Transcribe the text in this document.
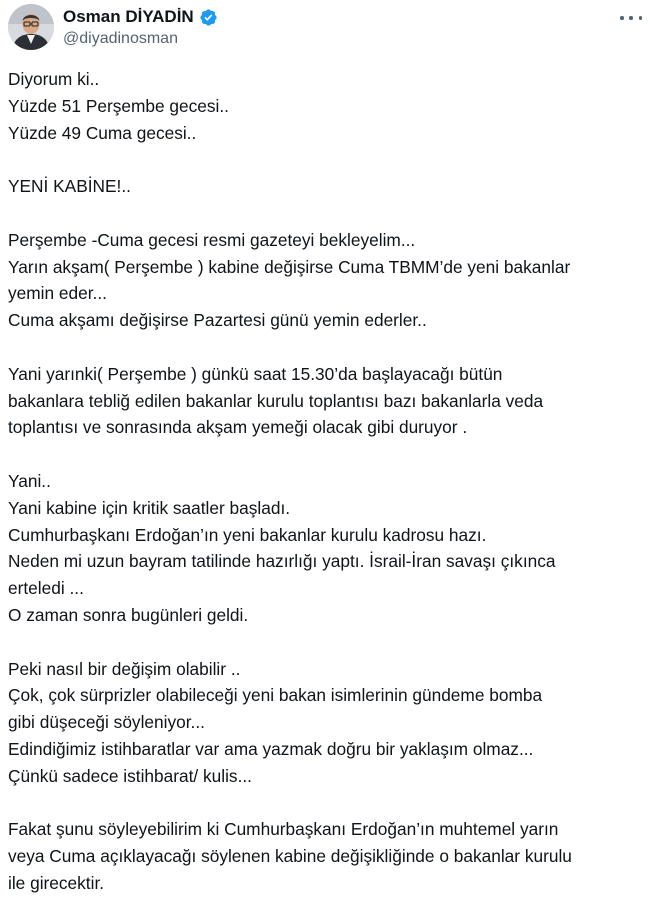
Osman DİYADİN
@diyadinosman

Diyorum ki..
Yüzde 51 Perşembe gecesi..
Yüzde 49 Cuma gecesi..

YENİ KABİNE!..

Perşembe -Cuma gecesi resmi gazeteyi bekleyelim...
Yarın akşam( Perşembe ) kabine değişirse Cuma TBMM’de yeni bakanlar
yemin eder...
Cuma akşamı değişirse Pazartesi günü yemin ederler..

Yani yarınki( Perşembe ) günkü saat 15.30’da başlayacağı bütün
bakanlara tebliğ edilen bakanlar kurulu toplantısı bazı bakanlarla veda
toplantısı ve sonrasında akşam yemeği olacak gibi duruyor .

Yani..
Yani kabine için kritik saatler başladı.
Cumhurbaşkanı Erdoğan’ın yeni bakanlar kurulu kadrosu hazı.
Neden mi uzun bayram tatilinde hazırlığı yaptı. İsrail-İran savaşı çıkınca
erteledi ...
O zaman sonra bugünleri geldi.

Peki nasıl bir değişim olabilir ..
Çok, çok sürprizler olabileceği yeni bakan isimlerinin gündeme bomba
gibi düşeceği söyleniyor...
Edindiğimiz istihbaratlar var ama yazmak doğru bir yaklaşım olmaz...
Çünkü sadece istihbarat/ kulis...

Fakat şunu söyleyebilirim ki Cumhurbaşkanı Erdoğan’ın muhtemel yarın
veya Cuma açıklayacağı söylenen kabine değişikliğinde o bakanlar kurulu
ile girecektir.
